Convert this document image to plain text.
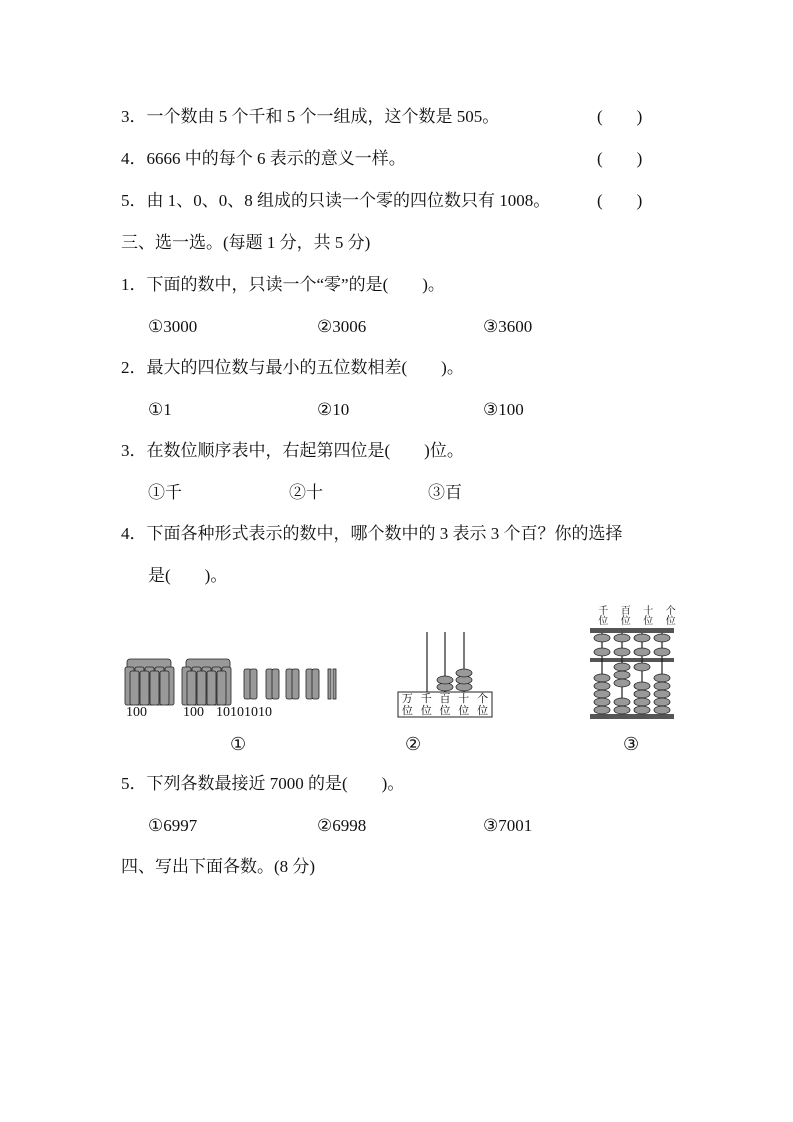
3．一个数由 5 个千和 5 个一组成，这个数是 505。	(　　)
4．6666 中的每个 6 表示的意义一样。	(　　)
5．由 1、0、0、8 组成的只读一个零的四位数只有 1008。	(　　)
三、选一选。(每题 1 分，共 5 分)
1．下面的数中，只读一个“零”的是(　　)。
①3000	②3006	③3600
2．最大的四位数与最小的五位数相差(　　)。
①1	②10	③100
3．在数位顺序表中，右起第四位是(　　)位。
①千	②十	③百
4．下面各种形式表示的数中，哪个数中的 3 表示 3 个百？你的选择
是(　　)。
100	100 10101010
①
万
位
千
位
百
位
十
位
个
位
②
千
位
百
位
十
位
个
位
③
5．下列各数最接近 7000 的是(　　)。
①6997	②6998	③7001
四、写出下面各数。(8 分)
